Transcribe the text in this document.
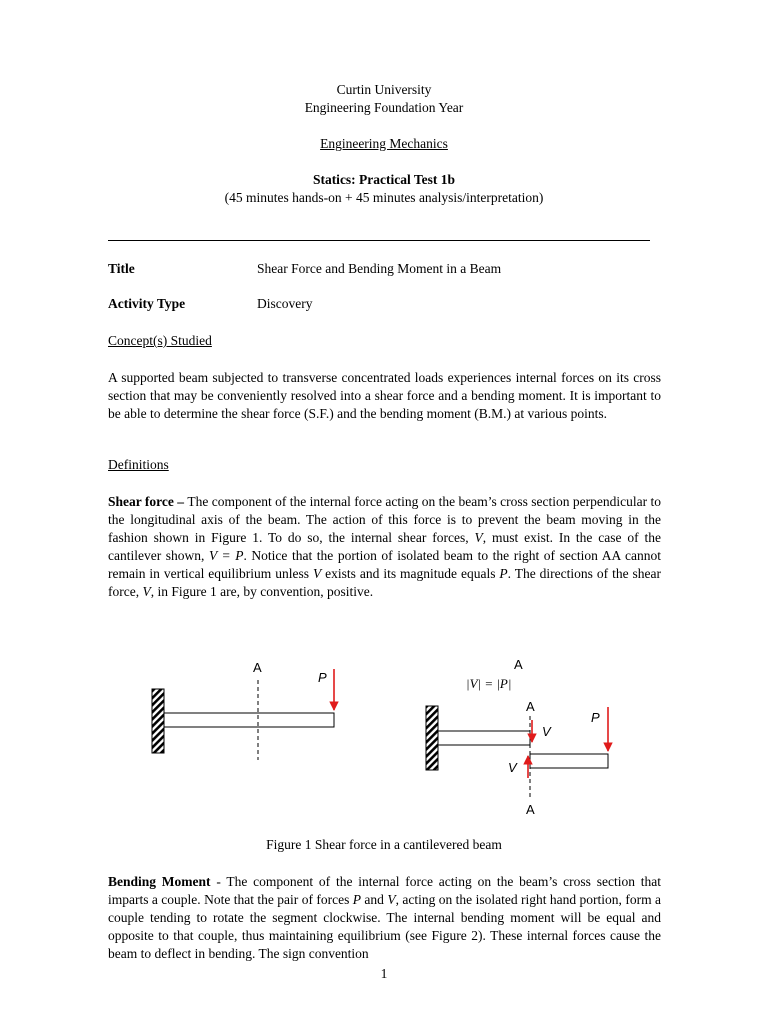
Curtin University
Engineering Foundation Year
Engineering Mechanics
Statics: Practical Test 1b
(45 minutes hands-on + 45 minutes analysis/interpretation)
Title	Shear Force and Bending Moment in a Beam
Activity Type	Discovery
Concept(s) Studied
A supported beam subjected to transverse concentrated loads experiences internal forces on its cross section that may be conveniently resolved into a shear force and a bending moment. It is important to be able to determine the shear force (S.F.) and the bending moment (B.M.) at various points.
Definitions
Shear force – The component of the internal force acting on the beam’s cross section perpendicular to the longitudinal axis of the beam. The action of this force is to prevent the beam moving in the fashion shown in Figure 1. To do so, the internal shear forces, V, must exist. In the case of the cantilever shown, V = P. Notice that the portion of isolated beam to the right of section AA cannot remain in vertical equilibrium unless V exists and its magnitude equals P. The directions of the shear force, V, in Figure 1 are, by convention, positive.
A
P
A
|V| = |P|
A
P
V
V
A
Figure 1 Shear force in a cantilevered beam
Bending Moment - The component of the internal force acting on the beam’s cross section that imparts a couple. Note that the pair of forces P and V, acting on the isolated right hand portion, form a couple tending to rotate the segment clockwise. The internal bending moment will be equal and opposite to that couple, thus maintaining equilibrium (see Figure 2). These internal forces cause the beam to deflect in bending. The sign convention
1
